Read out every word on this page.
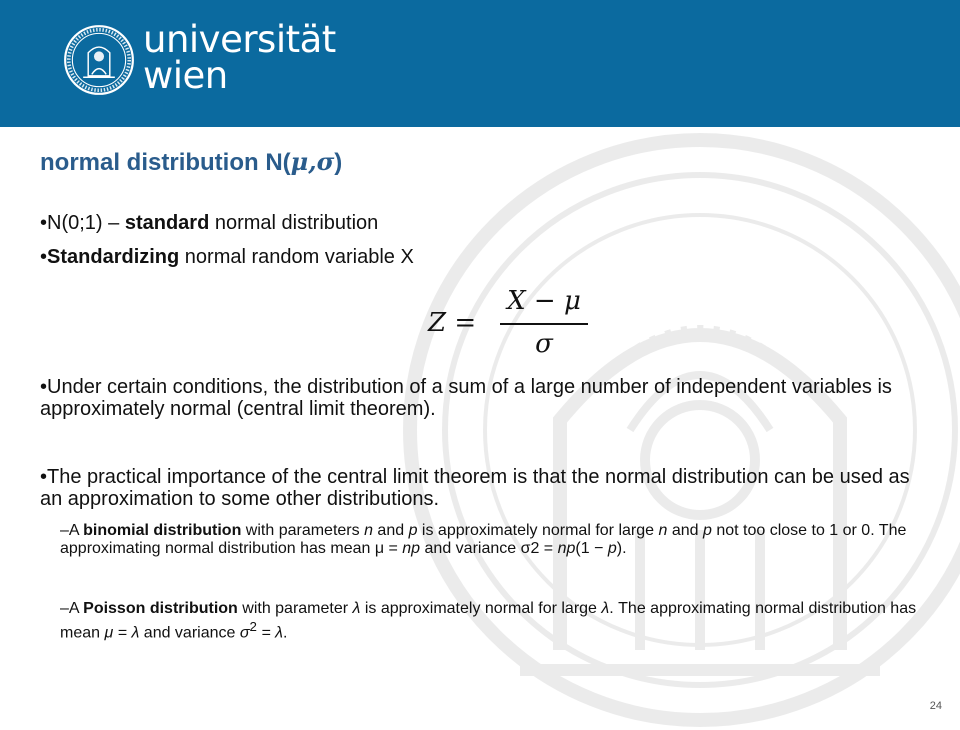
universität
wien
normal distribution N(μ,σ)
•N(0;1) – standard normal distribution
•Standardizing normal random variable X
Z =
X − μ
σ
•Under certain conditions, the distribution of a sum of a large number of independent variables is approximately normal (central limit theorem).
•The practical importance of the central limit theorem is that the normal distribution can be used as an approximation to some other distributions.
–A binomial distribution with parameters n and p is approximately normal for large n and p not too close to 1 or 0. The approximating normal distribution has mean μ = np and variance σ2 = np(1 − p).
–A Poisson distribution with parameter λ is approximately normal for large λ. The approximating normal distribution has mean μ = λ and variance $\sigma^2 = \lambda$.
24
